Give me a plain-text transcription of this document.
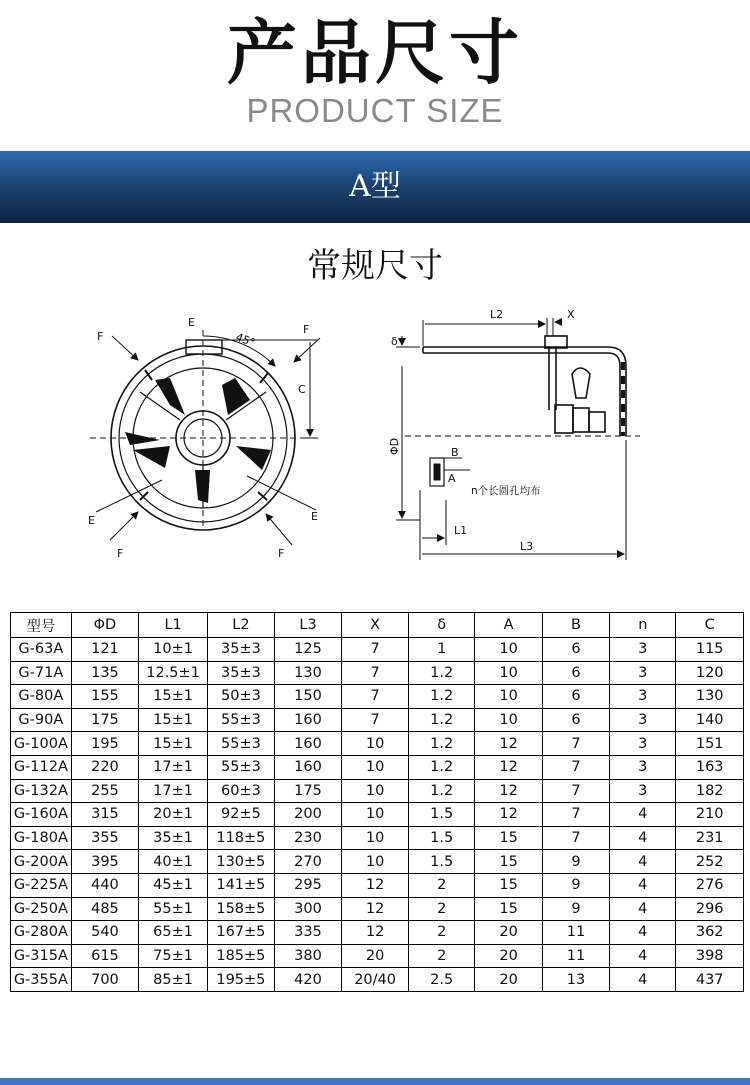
产品尺寸
PRODUCT SIZE
A型
常规尺寸
F
F
F	F
E
E	E
45°
C
L2	X
δ
ΦD
A
B
n个长圆孔均布
L1
L3
型号	ΦD	L1	L2	L3	X	δ	A	B	n	C
G-63A	121	10±1	35±3	125	7	1	10	6	3	115
G-71A	135	12.5±1	35±3	130	7	1.2	10	6	3	120
G-80A	155	15±1	50±3	150	7	1.2	10	6	3	130
G-90A	175	15±1	55±3	160	7	1.2	10	6	3	140
G-100A	195	15±1	55±3	160	10	1.2	12	7	3	151
G-112A	220	17±1	55±3	160	10	1.2	12	7	3	163
G-132A	255	17±1	60±3	175	10	1.2	12	7	3	182
G-160A	315	20±1	92±5	200	10	1.5	12	7	4	210
G-180A	355	35±1	118±5	230	10	1.5	15	7	4	231
G-200A	395	40±1	130±5	270	10	1.5	15	9	4	252
G-225A	440	45±1	141±5	295	12	2	15	9	4	276
G-250A	485	55±1	158±5	300	12	2	15	9	4	296
G-280A	540	65±1	167±5	335	12	2	20	11	4	362
G-315A	615	75±1	185±5	380	20	2	20	11	4	398
G-355A	700	85±1	195±5	420	20/40	2.5	20	13	4	437
